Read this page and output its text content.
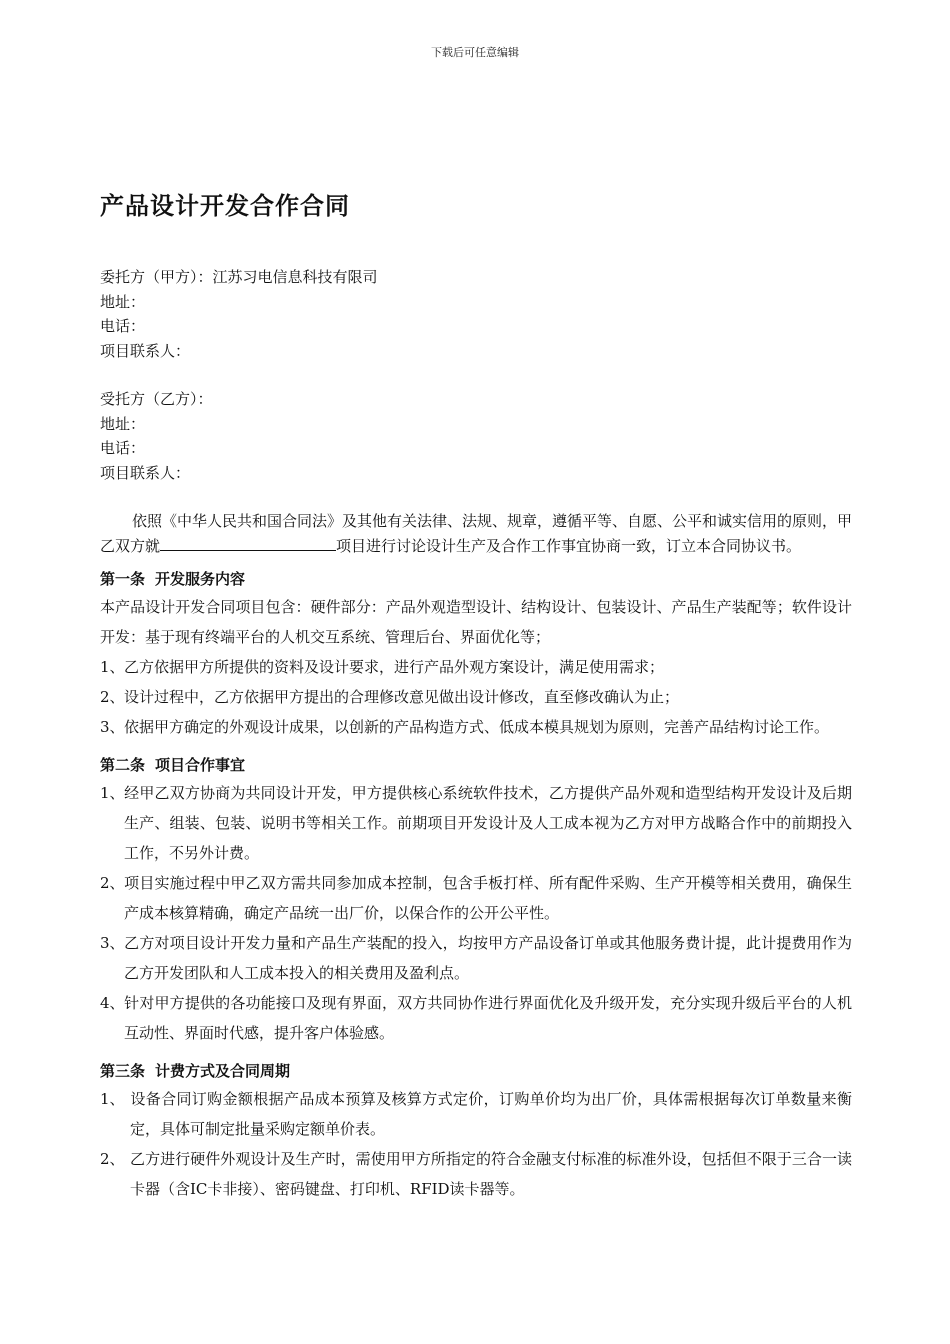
下载后可任意编辑
产品设计开发合作合同
委托方（甲方）：江苏习电信息科技有限司
地址：
电话：
项目联系人：
受托方（乙方）：
地址：
电话：
项目联系人：

依照《中华人民共和国合同法》及其他有关法律、法规、规章，遵循平等、自愿、公平和诚实信用的原则，甲乙双方就	项目进行讨论设计生产及合作工作事宜协商一致，订立本合同协议书。

第一条 开发服务内容
本产品设计开发合同项目包含：硬件部分：产品外观造型设计、结构设计、包装设计、产品生产装配等；软件设计开发：基于现有终端平台的人机交互系统、管理后台、界面优化等；
1、乙方依据甲方所提供的资料及设计要求，进行产品外观方案设计，满足使用需求；
2、设计过程中，乙方依据甲方提出的合理修改意见做出设计修改，直至修改确认为止；
3、依据甲方确定的外观设计成果，以创新的产品构造方式、低成本模具规划为原则，完善产品结构讨论工作。
第二条 项目合作事宜
1、经甲乙双方协商为共同设计开发，甲方提供核心系统软件技术，乙方提供产品外观和造型结构开发设计及后期生产、组装、包装、说明书等相关工作。前期项目开发设计及人工成本视为乙方对甲方战略合作中的前期投入工作，不另外计费。
2、项目实施过程中甲乙双方需共同参加成本控制，包含手板打样、所有配件采购、生产开模等相关费用，确保生产成本核算精确，确定产品统一出厂价，以保合作的公开公平性。
3、乙方对项目设计开发力量和产品生产装配的投入，均按甲方产品设备订单或其他服务费计提，此计提费用作为乙方开发团队和人工成本投入的相关费用及盈利点。
4、针对甲方提供的各功能接口及现有界面，双方共同协作进行界面优化及升级开发，充分实现升级后平台的人机互动性、界面时代感，提升客户体验感。
第三条 计费方式及合同周期
1、 设备合同订购金额根据产品成本预算及核算方式定价，订购单价均为出厂价，具体需根据每次订单数量来衡定，具体可制定批量采购定额单价表。
2、 乙方进行硬件外观设计及生产时，需使用甲方所指定的符合金融支付标准的标准外设，包括但不限于三合一读卡器（含IC卡非接）、密码键盘、打印机、RFID读卡器等。
